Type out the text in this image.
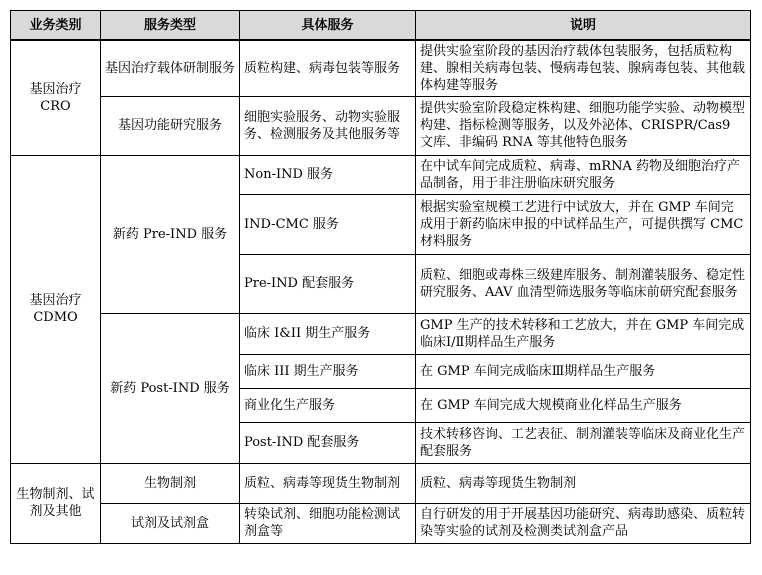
业务类别	服务类型	具体服务	说明
基因治疗 CRO	基因治疗载体研制服务	质粒构建、病毒包装等服务	提供实验室阶段的基因治疗载体包装服务，包括质粒构建、腺相关病毒包装、慢病毒包装、腺病毒包装、其他载体构建等服务
	基因功能研究服务	细胞实验服务、动物实验服务、检测服务及其他服务等	提供实验室阶段稳定株构建、细胞功能学实验、动物模型构建、指标检测等服务，以及外泌体、CRISPR/Cas9 文库、非编码 RNA 等其他特色服务
基因治疗 CDMO	新药 Pre-IND 服务	Non-IND 服务	在中试车间完成质粒、病毒、mRNA 药物及细胞治疗产品制备，用于非注册临床研究服务
		IND-CMC 服务	根据实验室规模工艺进行中试放大，并在 GMP 车间完成用于新药临床申报的中试样品生产，可提供撰写 CMC 材料服务
		Pre-IND 配套服务	质粒、细胞或毒株三级建库服务、制剂灌装服务、稳定性研究服务、AAV 血清型筛选服务等临床前研究配套服务
	新药 Post-IND 服务	临床 I&II 期生产服务	GMP 生产的技术转移和工艺放大，并在 GMP 车间完成临床Ⅰ/Ⅱ期样品生产服务
		临床 III 期生产服务	在 GMP 车间完成临床Ⅲ期样品生产服务
		商业化生产服务	在 GMP 车间完成大规模商业化样品生产服务
		Post-IND 配套服务	技术转移咨询、工艺表征、制剂灌装等临床及商业化生产配套服务
生物制剂、试剂及其他	生物制剂	质粒、病毒等现货生物制剂	质粒、病毒等现货生物制剂
	试剂及试剂盒	转染试剂、细胞功能检测试剂盒等	自行研发的用于开展基因功能研究、病毒助感染、质粒转染等实验的试剂及检测类试剂盒产品
